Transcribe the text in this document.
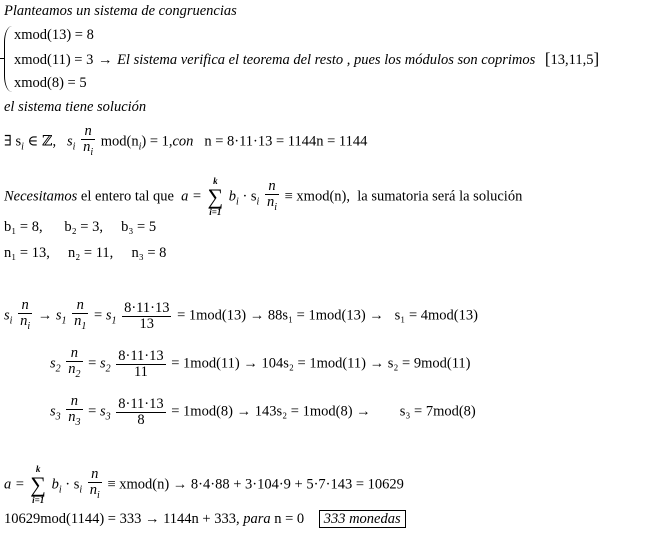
Planteamos un sistema de congruencias
xmod(13) = 8
xmod(11) = 3 → El sistema verifica el teorema del resto , pues los módulos son coprimos [13,11,5]
xmod(8) = 5
el sistema tiene solución
∃ $s_i$ ∈ ℤ, $s_i \frac{n}{n_i} mod(n_i) = 1,con$ n = 8·11·13 = 1144n = 1144
Necesitamos el entero tal que a =
k
∑
i=1
$b_i \cdot s_i \frac{n}{n_i}$ ≡ xmod(n), la sumatoria será la solución
b₁ = 8, b₂ = 3, b₃ = 5
n₁ = 13, n₂ = 11, n₃ = 8
$s_i \frac{n}{n_i} \to s_1 \frac{n}{n_1} = s_1 \frac{8\cdot 11\cdot 13}{13} = 1mod(13) \to 88s_1 = 1mod(13) \to s_1 = 4mod(13)$
$s_2 \frac{n}{n_2} = s_2 \frac{8\cdot 11\cdot 13}{11} = 1mod(11) \to 104s_2 = 1mod(11) \to s_2 = 9mod(11)$
$s_3 \frac{n}{n_3} = s_3 \frac{8\cdot 11\cdot 13}{8} = 1mod(8) \to 143s_2 = 1mod(8) \to s_3 = 7mod(8)$
a =
k
∑
i=1
$b_i \cdot s_i \frac{n}{n_i}$ ≡ xmod(n) → 8·4·88 + 3·104·9 + 5·7·143 = 10629
10629mod(1144) = 333 → 1144n + 333, para n = 0 333 monedas
